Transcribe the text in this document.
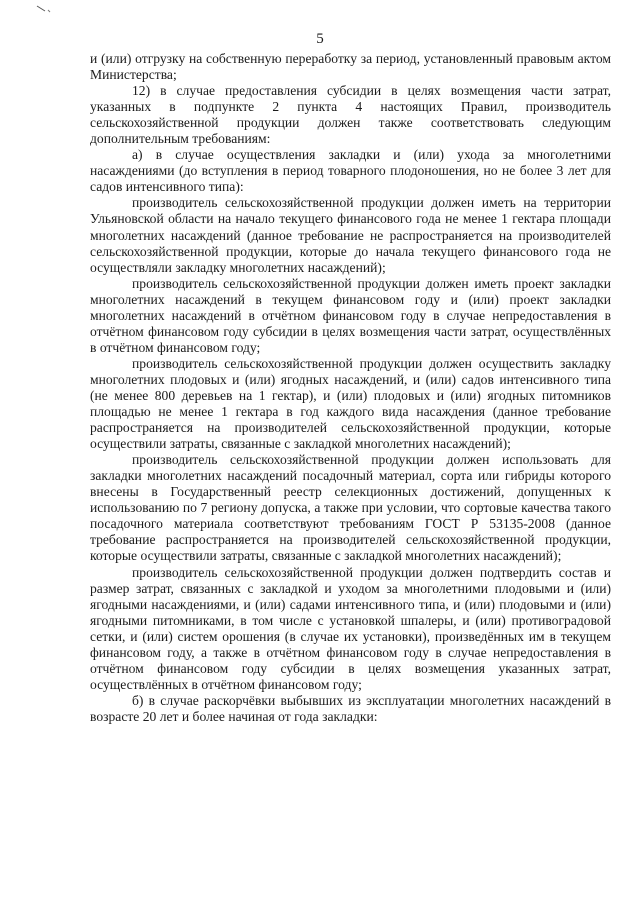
5

и (или) отгрузку на собственную переработку за период, установленный правовым актом Министерства;

12) в случае предоставления субсидии в целях возмещения части затрат, указанных в подпункте 2 пункта 4 настоящих Правил, производитель сельскохозяйственной продукции должен также соответствовать следующим дополнительным требованиям:

а) в случае осуществления закладки и (или) ухода за многолетними насаждениями (до вступления в период товарного плодоношения, но не более 3 лет для садов интенсивного типа):

производитель сельскохозяйственной продукции должен иметь на территории Ульяновской области на начало текущего финансового года не менее 1 гектара площади многолетних насаждений (данное требование не распространяется на производителей сельскохозяйственной продукции, которые до начала текущего финансового года не осуществляли закладку многолетних насаждений);

производитель сельскохозяйственной продукции должен иметь проект закладки многолетних насаждений в текущем финансовом году и (или) проект закладки многолетних насаждений в отчётном финансовом году в случае непредоставления в отчётном финансовом году субсидии в целях возмещения части затрат, осуществлённых в отчётном финансовом году;

производитель сельскохозяйственной продукции должен осуществить закладку многолетних плодовых и (или) ягодных насаждений, и (или) садов интенсивного типа (не менее 800 деревьев на 1 гектар), и (или) плодовых и (или) ягодных питомников площадью не менее 1 гектара в год каждого вида насаждения (данное требование распространяется на производителей сельскохозяйственной продукции, которые осуществили затраты, связанные с закладкой многолетних насаждений);

производитель сельскохозяйственной продукции должен использовать для закладки многолетних насаждений посадочный материал, сорта или гибриды которого внесены в Государственный реестр селекционных достижений, допущенных к использованию по 7 региону допуска, а также при условии, что сортовые качества такого посадочного материала соответствуют требованиям ГОСТ Р 53135-2008 (данное требование распространяется на производителей сельскохозяйственной продукции, которые осуществили затраты, связанные с закладкой многолетних насаждений);

производитель сельскохозяйственной продукции должен подтвердить состав и размер затрат, связанных с закладкой и уходом за многолетними плодовыми и (или) ягодными насаждениями, и (или) садами интенсивного типа, и (или) плодовыми и (или) ягодными питомниками, в том числе с установкой шпалеры, и (или) противоградовой сетки, и (или) систем орошения (в случае их установки), произведённых им в текущем финансовом году, а также в отчётном финансовом году в случае непредоставления в отчётном финансовом году субсидии в целях возмещения указанных затрат, осуществлённых в отчётном финансовом году;

б) в случае раскорчёвки выбывших из эксплуатации многолетних насаждений в возрасте 20 лет и более начиная от года закладки:
